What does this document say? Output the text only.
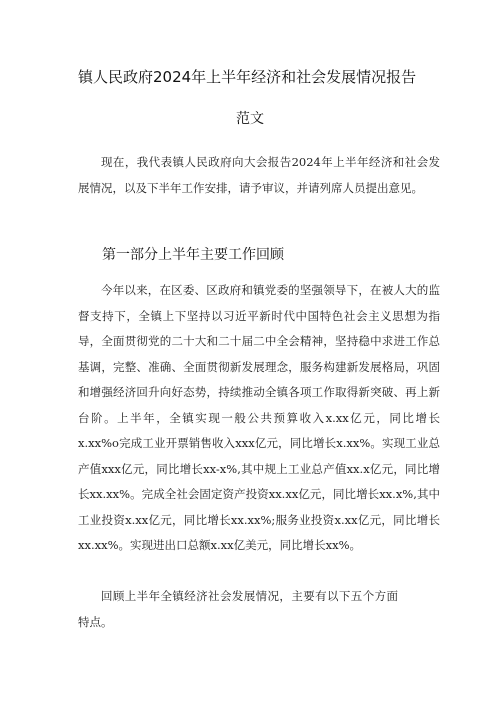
镇人民政府2024年上半年经济和社会发展情况报告
范文
现在，我代表镇人民政府向大会报告2024年上半年经济和社会发展情况，以及下半年工作安排，请予审议，并请列席人员提出意见。
第一部分上半年主要工作回顾
今年以来，在区委、区政府和镇党委的坚强领导下，在被人大的监督支持下，全镇上下坚持以习近平新时代中国特色社会主义思想为指导，全面贯彻党的二十大和二十届二中全会精神，坚持稳中求进工作总基调，完整、准确、全面贯彻新发展理念，服务构建新发展格局，巩固和增强经济回升向好态势，持续推动全镇各项工作取得新突破、再上新台阶。上半年，全镇实现一般公共预算收入x.xx亿元，同比增长x.xx%o完成工业开票销售收入xxx亿元，同比增长x.xx%。实现工业总产值xxx亿元，同比增长xx-x%,其中规上工业总产值xx.x亿元，同比增长xx.xx%。完成全社会固定资产投资xx.xx亿元，同比增长xx.x%,其中工业投资x.xx亿元，同比增长xx.xx%;服务业投资x.xx亿元，同比增长xx.xx%。实现进出口总额x.xx亿美元，同比增长xx%。
回顾上半年全镇经济社会发展情况，主要有以下五个方面特点。
